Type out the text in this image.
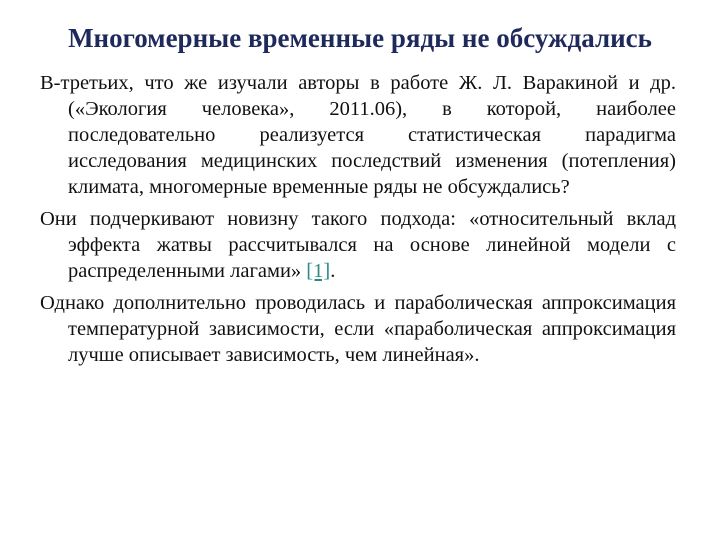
Многомерные временные ряды не обсуждались

В-третьих, что же изучали авторы в работе Ж. Л. Варакиной и др. («Экология человека», 2011.06), в которой, наиболее последовательно реализуется статистическая парадигма исследования медицинских последствий изменения (потепления) климата, многомерные временные ряды не обсуждались?

Они подчеркивают новизну такого подхода: «относительный вклад эффекта жатвы рассчитывался на основе линейной модели с распределенными лагами» [1].

Однако дополнительно проводилась и параболическая аппроксимация температурной зависимости, если «параболическая аппроксимация лучше описывает зависимость, чем линейная».
